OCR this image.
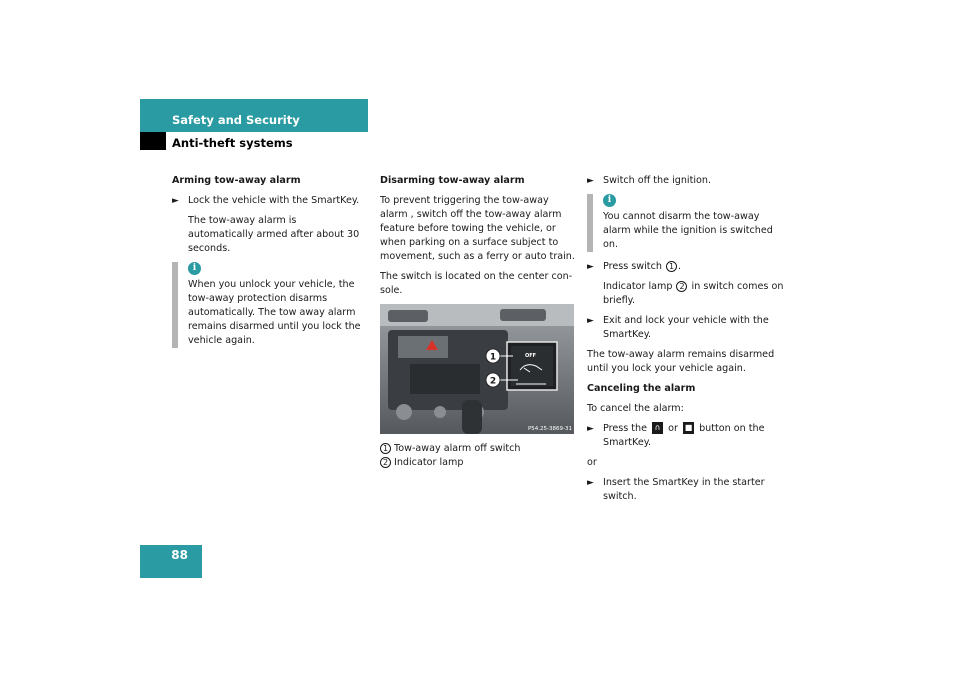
Safety and Security
Anti-theft systems
Arming tow-away alarm
► Lock the vehicle with the SmartKey.
The tow-away alarm is automatically armed after about 30 seconds.
i
When you unlock your vehicle, the tow-away protection disarms automatically. The tow away alarm remains disarmed until you lock the vehicle again.
Disarming tow-away alarm
To prevent triggering the tow-away alarm , switch off the tow-away alarm feature before towing the vehicle, or when parking on a surface subject to movement, such as a ferry or auto train.
The switch is located on the center con-sole.
OFF
1
2
P54.25-3869-31
1 Tow-away alarm off switch
2 Indicator lamp
► Switch off the ignition.
i
You cannot disarm the tow-away alarm while the ignition is switched on.
► Press switch 1 .
Indicator lamp 2 in switch comes on briefly.
► Exit and lock your vehicle with the SmartKey.
The tow-away alarm remains disarmed until you lock your vehicle again.
Canceling the alarm
To cancel the alarm:
► Press the ∩ or ■ button on the SmartKey.
or
► Insert the SmartKey in the starter switch.
88
